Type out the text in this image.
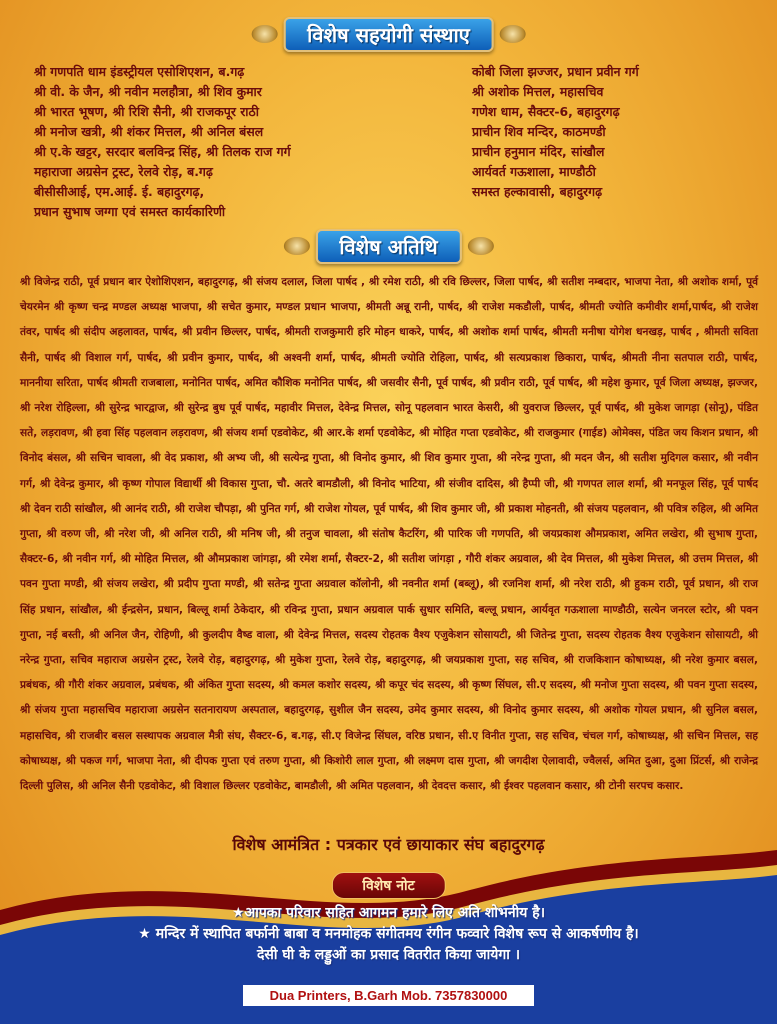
विशेष सहयोगी संस्थाए
श्री गणपति धाम इंडस्ट्रीयल एसोशिएशन, ब.गढ़
श्री वी. के जैन, श्री नवीन मलहौत्रा, श्री शिव कुमार
श्री भारत भूषण, श्री रिशि सैनी, श्री राजकपूर राठी
श्री मनोज खत्री, श्री शंकर मित्तल, श्री अनिल बंसल
श्री ए.के खट्टर, सरदार बलविन्द्र सिंह, श्री तिलक राज गर्ग
महाराजा अग्रसेन ट्रस्ट, रेलवे रोड़, ब.गढ़
बीसीसीआई, एम.आई. ई. बहादुरगढ़,
प्रधान सुभाष जग्गा एवं समस्त कार्यकारिणी
कोबी जिला झज्जर, प्रधान प्रवीन गर्ग
श्री अशोक मित्तल, महासचिव
गणेश धाम, सैक्टर-6, बहादुरगढ़
प्राचीन शिव मन्दिर, काठमण्डी
प्राचीन हनुमान मंदिर, सांखौल
आर्यवर्त गऊशाला, माण्डौठी
समस्त हल्कावासी, बहादुरगढ़
विशेष अतिथि
श्री विजेन्द्र राठी, पूर्व प्रधान बार ऐशोशिएशन, बहादुरगढ़, श्री संजय दलाल, जिला पार्षद , श्री रमेश राठी, श्री रवि छिल्लर, जिला पार्षद, श्री सतीश नम्बदार, भाजपा नेता, श्री अशोक शर्मा, पूर्व चेयरमेन श्री कृष्ण चन्द्र मण्डल अध्यक्ष भाजपा, श्री सचेत कुमार, मण्डल प्रधान भाजपा, श्रीमती अन्नू रानी, पार्षद, श्री राजेश मकडौली, पार्षद, श्रीमती ज्योति कमीवीर शर्मा,पार्षद, श्री राजेश तंवर, पार्षद श्री संदीप अहलावत, पार्षद, श्री प्रवीन छिल्लर, पार्षद, श्रीमती राजकुमारी हरि मोहन धाकरे, पार्षद, श्री अशोक शर्मा पार्षद, श्रीमती मनीषा योगेश धनखड़, पार्षद , श्रीमती सविता सैनी, पार्षद श्री विशाल गर्ग, पार्षद, श्री प्रवीन कुमार, पार्षद, श्री अश्वनी शर्मा, पार्षद, श्रीमती ज्योति रोहिला, पार्षद, श्री सत्यप्रकाश छिकारा, पार्षद, श्रीमती नीना सतपाल राठी, पार्षद, माननीया सरिता, पार्षद श्रीमती राजबाला, मनोनित पार्षद, अमित कौशिक मनोनित पार्षद, श्री जसवीर सैनी, पूर्व पार्षद, श्री प्रवीन राठी, पूर्व पार्षद, श्री महेश कुमार, पूर्व जिला अध्यक्ष, झज्जर, श्री नरेश रोहिल्ला, श्री सुरेन्द्र भारद्वाज, श्री सुरेन्द्र बुध पूर्व पार्षद, महावीर मित्तल, देवेन्द्र मित्तल, सोनू पहलवान भारत केसरी, श्री युवराज छिल्लर, पूर्व पार्षद, श्री मुकेश जागड़ा (सोनू), पंडित सते, लड़रावण, श्री हवा सिंह पहलवान लड़रावण, श्री संजय शर्मा एडवोकेट, श्री आर.के शर्मा एडवोकेट, श्री मोहित गप्ता एडवोकेट, श्री राजकुमार (गाईड) ओमेक्स, पंडित जय किशन प्रधान, श्री विनोद बंसल, श्री सचिन चावला, श्री वेद प्रकाश, श्री अभ्य जी, श्री सत्येन्द्र गुप्ता, श्री विनोद कुमार, श्री शिव कुमार गुप्ता, श्री नरेन्द्र गुप्ता, श्री मदन जैन, श्री सतीश मुदिगल कसार, श्री नवीन गर्ग, श्री देवेन्द्र कुमार, श्री कृष्ण गोपाल विद्यार्थी श्री विकास गुप्ता, चौ. अतरे बामडौली, श्री विनोद भाटिया, श्री संजीव दादिस, श्री हैप्पी जी, श्री गणपत लाल शर्मा, श्री मनफूल सिंह, पूर्व पार्षद श्री देवन राठी सांखौल, श्री आनंद राठी, श्री राजेश चौपड़ा, श्री पुनित गर्ग, श्री राजेश गोयल, पूर्व पार्षद, श्री शिव कुमार जी, श्री प्रकाश मोहनती, श्री संजय पहलवान, श्री पवित्र रुहिल, श्री अमित गुप्ता, श्री वरुण जी, श्री नरेश जी, श्री अनिल राठी, श्री मनिष जी, श्री तनुज चावला, श्री संतोष कैटरिंग, श्री पारिक जी गणपति, श्री जयप्रकाश औमप्रकाश, अमित लखेरा, श्री सुभाष गुप्ता, सैक्टर-6, श्री नवीन गर्ग, श्री मोहित मित्तल, श्री औमप्रकाश जांगड़ा, श्री रमेश शर्मा, सैक्टर-2, श्री सतीश जांगड़ा , गौरी शंकर अग्रवाल, श्री देव मित्तल, श्री मुकेश मित्तल, श्री उत्तम मित्तल, श्री पवन गुप्ता मण्डी, श्री संजय लखेरा, श्री प्रदीप गुप्ता मण्डी, श्री सतेन्द्र गुप्ता अग्रवाल कॉलोनी, श्री नवनीत शर्मा (बब्लू), श्री रजनिश शर्मा, श्री नरेश राठी, श्री हुकम राठी, पूर्व प्रधान, श्री राज सिंह प्रधान, सांखौल, श्री ईन्द्रसेन, प्रधान, बिल्लू शर्मा ठेकेदार, श्री रविन्द्र गुप्ता, प्रधान अग्रवाल पार्क सुधार समिति, बल्लू प्रधान, आर्यवृत गऊशाला माण्डौठी, सत्येन जनरल स्टोर, श्री पवन गुप्ता, नई बस्ती, श्री अनिल जैन, रोहिणी, श्री कुलदीप वैष्ड वाला, श्री देवेन्द्र मित्तल, सदस्य रोहतक वैश्य एजुकेशन सोसायटी, श्री जितेन्द्र गुप्ता, सदस्य रोहतक वैश्य एजुकेशन सोसायटी, श्री नरेन्द्र गुप्ता, सचिव महाराज अग्रसेन ट्रस्ट, रेलवे रोड़, बहादुरगढ़, श्री मुकेश गुप्ता, रेलवे रोड़, बहादुरगढ़, श्री जयप्रकाश गुप्ता, सह सचिव, श्री राजकिशान कोषाध्यक्ष, श्री नरेश कुमार बसल, प्रबंधक, श्री गौरी शंकर अग्रवाल, प्रबंधक, श्री अंकित गुप्ता सदस्य, श्री कमल कशोर सदस्य, श्री कपूर चंद सदस्य, श्री कृष्ण सिंघल, सी.ए सदस्य, श्री मनोज गुप्ता सदस्य, श्री पवन गुप्ता सदस्य, श्री संजय गुप्ता महासचिव महाराजा अग्रसेन सतनारायण अस्पताल, बहादुरगढ़, सुशील जैन सदस्य, उमेद कुमार सदस्य, श्री विनोद कुमार सदस्य, श्री अशोक गोयल प्रधान, श्री सुनिल बसल, महासचिव, श्री राजबीर बसल सस्थापक अग्रवाल मैत्री संघ, सैक्टर-6, ब.गढ़, सी.ए विजेन्द्र सिंघल, वरिष्ठ प्रधान, सी.ए विनीत गुप्ता, सह सचिव, चंचल गर्ग, कोषाध्यक्ष, श्री सचिन मित्तल, सह कोषाध्यक्ष, श्री पकज गर्ग, भाजपा नेता, श्री दीपक गुप्ता एवं तरुण गुप्ता, श्री किशोरी लाल गुप्ता, श्री लक्ष्मण दास गुप्ता, श्री जगदीश ऐलावादी, ज्वैलर्स, अमित दुआ, दुआ प्रिंटर्स, श्री राजेन्द्र दिल्ली पुलिस, श्री अनिल सैनी एडवोकेट, श्री विशाल छिल्लर एडवोकेट, बामडौली, श्री अमित पहलवान, श्री देवदत्त कसार, श्री ईश्वर पहलवान कसार, श्री टोनी सरपच कसार.
विशेष आमंत्रित : पत्रकार एवं छायाकार संघ बहादुरगढ़
विशेष नोट
★आपका परिवार सहित आगमन हमारे लिए अति शोभनीय है।
★ मन्दिर में स्थापित बर्फानी बाबा व मनमोहक संगीतमय रंगीन फव्वारे विशेष रूप से आकर्षणीय है।
देसी घी के लड्डुओं का प्रसाद वितरीत किया जायेगा ।
Dua Printers, B.Garh Mob. 7357830000
